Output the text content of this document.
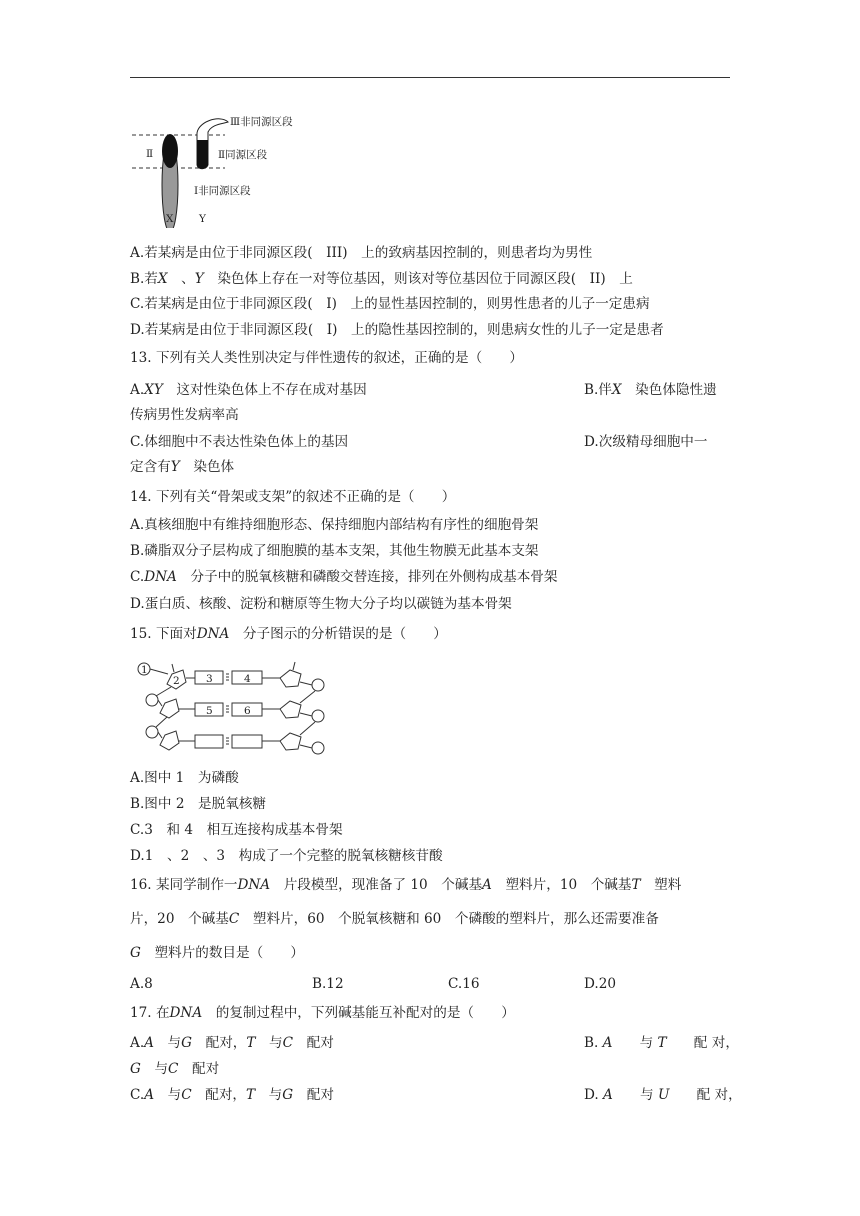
Ⅲ非同源区段
Ⅱ同源区段
Ⅰ非同源区段
Ⅱ
X Y
A.若某病是由位于非同源区段(　III)　上的致病基因控制的，则患者均为男性
B.若𝑋　、𝑌　染色体上存在一对等位基因，则该对等位基因位于同源区段(　II)　上
C.若某病是由位于非同源区段(　I)　上的显性基因控制的，则男性患者的儿子一定患病
D.若某病是由位于非同源区段(　I)　上的隐性基因控制的，则患病女性的儿子一定是患者
13. 下列有关人类性别决定与伴性遗传的叙述，正确的是（　　）
A.𝑋𝑌　这对性染色体上不存在成对基因	B.伴𝑋　染色体隐性遗
传病男性发病率高
C.体细胞中不表达性染色体上的基因	D.次级精母细胞中一
定含有𝑌　染色体
14. 下列有关“骨架或支架”的叙述不正确的是（　　）
A.真核细胞中有维持细胞形态、保持细胞内部结构有序性的细胞骨架
B.磷脂双分子层构成了细胞膜的基本支架，其他生物膜无此基本支架
C.𝐷𝑁𝐴　分子中的脱氧核糖和磷酸交替连接，排列在外侧构成基本骨架
D.蛋白质、核酸、淀粉和糖原等生物大分子均以碳链为基本骨架
15. 下面对𝐷𝑁𝐴　分子图示的分析错误的是（　　）
1
2	3	4
5	6
A.图中 1　为磷酸
B.图中 2　是脱氧核糖
C.3　和 4　相互连接构成基本骨架
D.1　、2　、3　构成了一个完整的脱氧核糖核苷酸
16. 某同学制作一𝐷𝑁𝐴　片段模型，现准备了 10　个碱基𝐴　塑料片，10　个碱基𝑇　塑料
片，20　个碱基𝐶　塑料片，60　个脱氧核糖和 60　个磷酸的塑料片，那么还需要准备
𝐺　塑料片的数目是（　　）
A.8	B.12	C.16	D.20
17. 在𝐷𝑁𝐴　的复制过程中，下列碱基能互补配对的是（　　）
A.𝐴　与𝐺　配对，𝑇　与𝐶　配对	B. 𝐴　　与 𝑇　　配 对，
𝐺　与𝐶　配对
C.𝐴　与𝐶　配对，𝑇　与𝐺　配对	D. 𝐴　　与 𝑈　　配 对，
